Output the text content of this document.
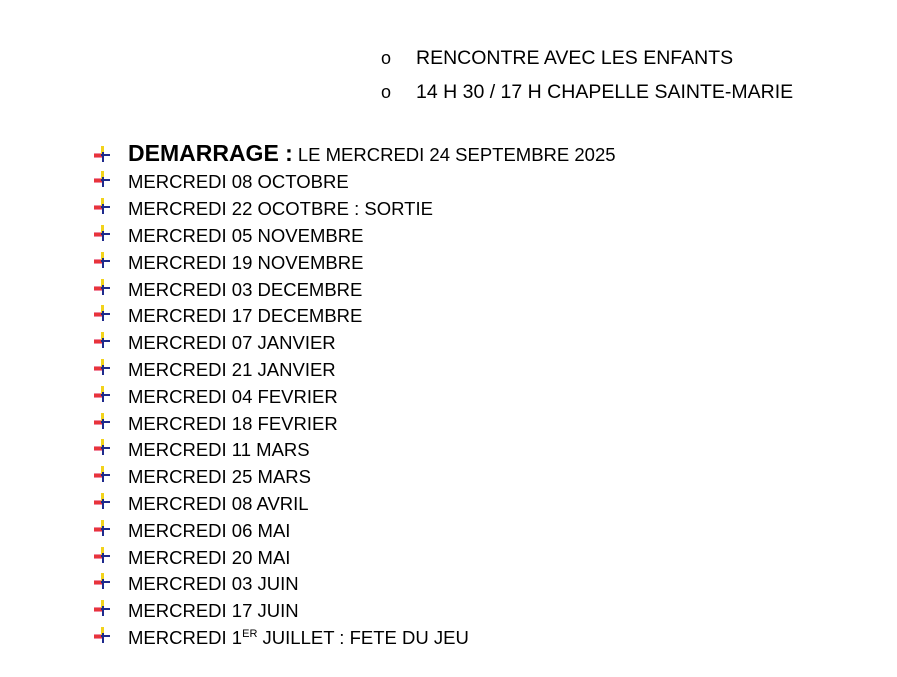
o	RENCONTRE AVEC LES ENFANTS
o	14 H 30 / 17 H CHAPELLE SAINTE-MARIE
DEMARRAGE : LE MERCREDI 24 SEPTEMBRE 2025
MERCREDI 08 OCTOBRE
MERCREDI 22 OCOTBRE : SORTIE
MERCREDI 05 NOVEMBRE
MERCREDI 19 NOVEMBRE
MERCREDI 03 DECEMBRE
MERCREDI 17 DECEMBRE
MERCREDI 07 JANVIER
MERCREDI 21 JANVIER
MERCREDI 04 FEVRIER
MERCREDI 18 FEVRIER
MERCREDI 11 MARS
MERCREDI 25 MARS
MERCREDI 08 AVRIL
MERCREDI 06 MAI
MERCREDI 20 MAI
MERCREDI 03 JUIN
MERCREDI 17 JUIN
MERCREDI 1ER JUILLET : FETE DU JEU
